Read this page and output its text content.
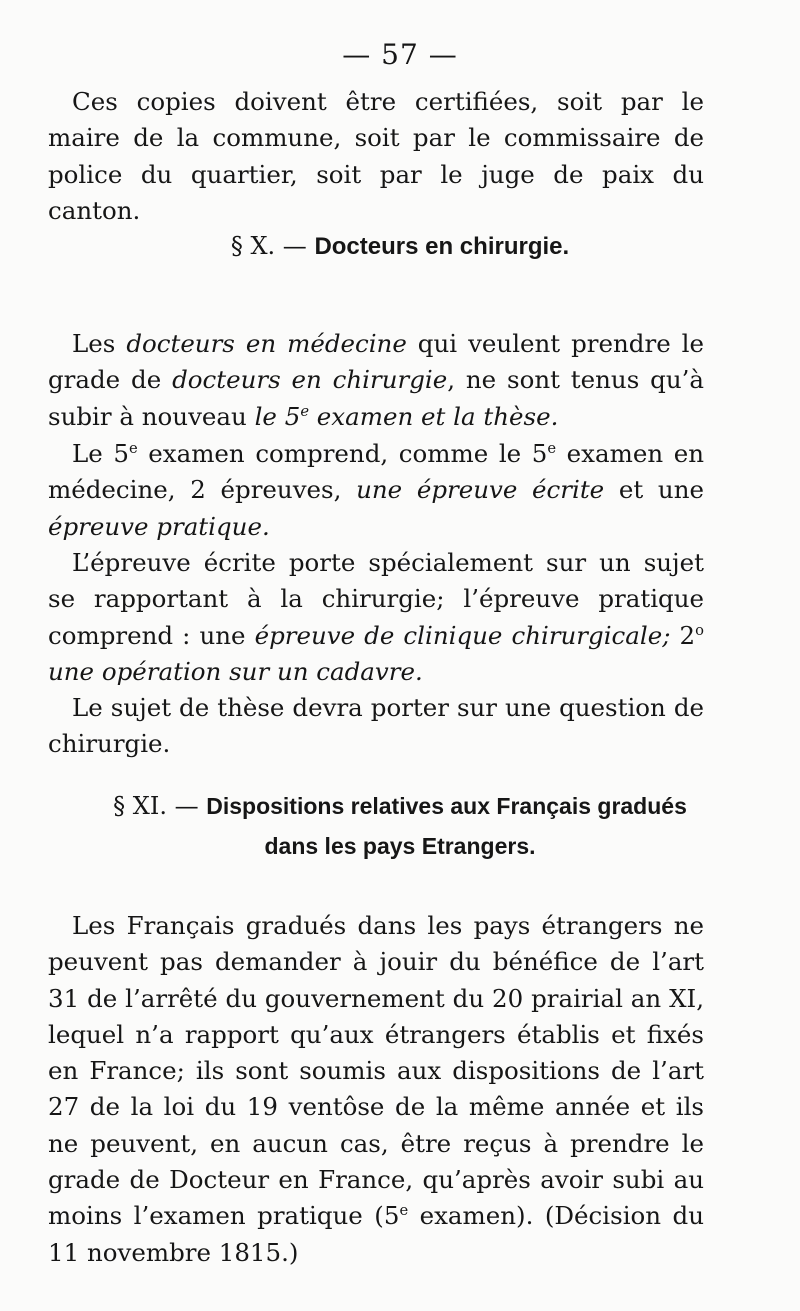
— 57 —

Ces copies doivent être certifiées, soit par le maire de la commune, soit par le commissaire de police du quartier, soit par le juge de paix du canton.

§ X. — Docteurs en chirurgie.

Les docteurs en médecine qui veulent prendre le grade de docteurs en chirurgie, ne sont tenus qu’à subir à nouveau le 5e examen et la thèse.

Le 5e examen comprend, comme le 5e examen en médecine, 2 épreuves, une épreuve écrite et une épreuve pratique.

L’épreuve écrite porte spécialement sur un sujet se rapportant à la chirurgie; l’épreuve pratique comprend : une épreuve de clinique chirurgicale; 2$^o$ une opération sur un cadavre.

Le sujet de thèse devra porter sur une question de chirurgie.

§ XI. — Dispositions relatives aux Français gradués
dans les pays Etrangers.

Les Français gradués dans les pays étrangers ne peuvent pas demander à jouir du bénéfice de l’art 31 de l’arrêté du gouvernement du 20 prairial an XI, lequel n’a rapport qu’aux étrangers établis et fixés en France; ils sont soumis aux dispositions de l’art 27 de la loi du 19 ventôse de la même année et ils ne peuvent, en aucun cas, être reçus à prendre le grade de Docteur en France, qu’après avoir subi au moins l’examen pratique (5e examen). (Décision du 11 novembre 1815.)
